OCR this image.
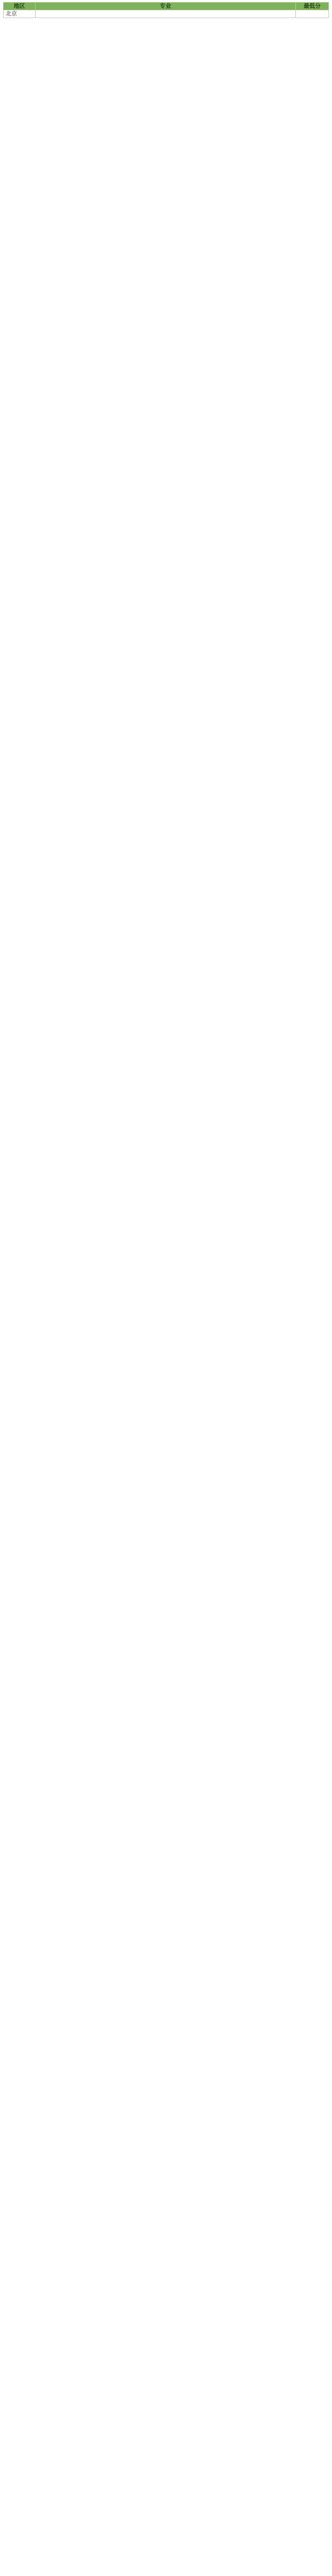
地区	专业	最低分
北京		
